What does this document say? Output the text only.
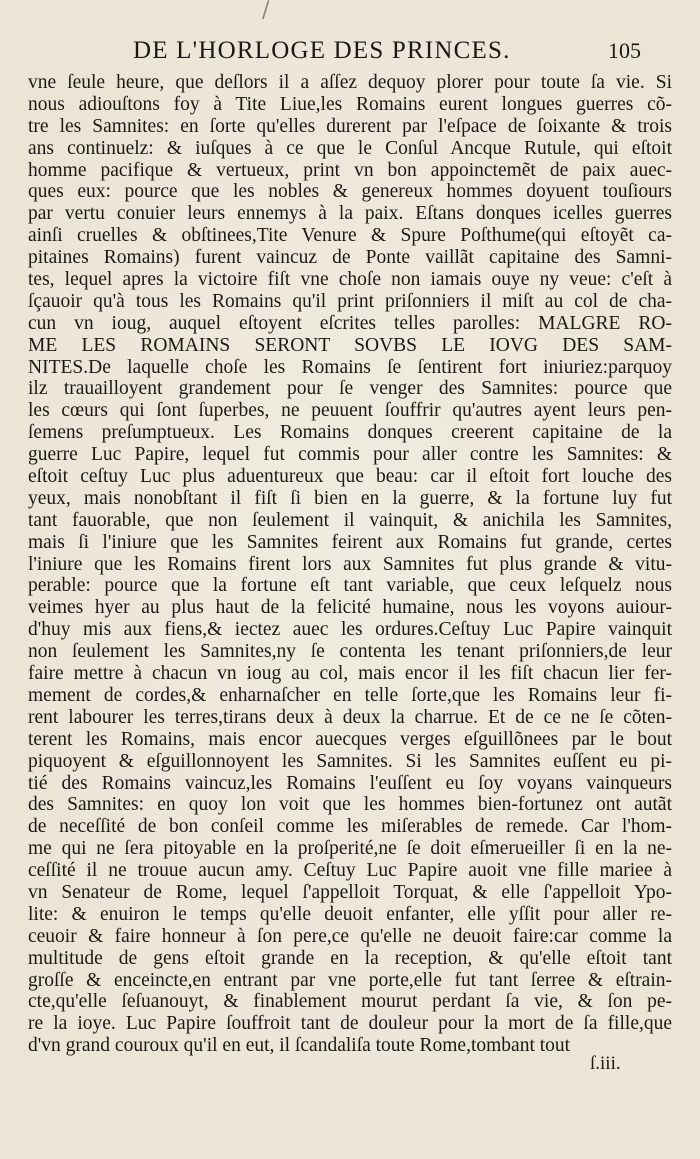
/
DE L'HORLOGE DES PRINCES.	105
vne ſeule heure, que deſlors il a aſſez dequoy plorer pour toute ſa vie. Si
nous adiouſtons foy à Tite Liue,les Romains eurent longues guerres cõ-
tre les Samnites: en ſorte qu'elles durerent par l'eſpace de ſoixante & trois
ans continuelz: & iuſques à ce que le Conſul Ancque Rutule, qui eſtoit
homme pacifique & vertueux, print vn bon appoinctemẽt de paix auec-
ques eux: pource que les nobles & genereux hommes doyuent touſiours
par vertu conuier leurs ennemys à la paix. Eſtans donques icelles guerres
ainſi cruelles & obſtinees,Tite Venure & Spure Poſthume(qui eſtoyẽt ca-
pitaines Romains) furent vaincuz de Ponte vaillãt capitaine des Samni-
tes, lequel apres la victoire fiſt vne choſe non iamais ouye ny veue: c'eſt à
ſçauoir qu'à tous les Romains qu'il print priſonniers il miſt au col de cha-
cun vn ioug, auquel eſtoyent eſcrites telles parolles: MALGRE RO-
ME LES ROMAINS SERONT SOVBS LE IOVG DES SAM-
NITES.De laquelle choſe les Romains ſe ſentirent fort iniuriez:parquoy
ilz trauailloyent grandement pour ſe venger des Samnites: pource que
les cœurs qui ſont ſuperbes, ne peuuent ſouffrir qu'autres ayent leurs pen-
ſemens preſumptueux. Les Romains donques creerent capitaine de la
guerre Luc Papire, lequel fut commis pour aller contre les Samnites: &
eſtoit ceſtuy Luc plus aduentureux que beau: car il eſtoit fort louche des
yeux, mais nonobſtant il fiſt ſi bien en la guerre, & la fortune luy fut
tant fauorable, que non ſeulement il vainquit, & anichila les Samnites,
mais ſi l'iniure que les Samnites feirent aux Romains fut grande, certes
l'iniure que les Romains firent lors aux Samnites fut plus grande & vitu-
perable: pource que la fortune eſt tant variable, que ceux leſquelz nous
veimes hyer au plus haut de la felicité humaine, nous les voyons auiour-
d'huy mis aux fiens,& iectez auec les ordures.Ceſtuy Luc Papire vainquit
non ſeulement les Samnites,ny ſe contenta les tenant priſonniers,de leur
faire mettre à chacun vn ioug au col, mais encor il les fiſt chacun lier fer-
mement de cordes,& enharnaſcher en telle ſorte,que les Romains leur fi-
rent labourer les terres,tirans deux à deux la charrue. Et de ce ne ſe cõten-
terent les Romains, mais encor auecques verges eſguillõnees par le bout
piquoyent & eſguillonnoyent les Samnites. Si les Samnites euſſent eu pi-
tié des Romains vaincuz,les Romains l'euſſent eu ſoy voyans vainqueurs
des Samnites: en quoy lon voit que les hommes bien-fortunez ont autãt
de neceſſité de bon conſeil comme les miſerables de remede. Car l'hom-
me qui ne ſera pitoyable en la proſperité,ne ſe doit eſmerueiller ſi en la ne-
ceſſité il ne trouue aucun amy. Ceſtuy Luc Papire auoit vne fille mariee à
vn Senateur de Rome, lequel ſ'appelloit Torquat, & elle ſ'appelloit Ypo-
lite: & enuiron le temps qu'elle deuoit enfanter, elle yſſit pour aller re-
ceuoir & faire honneur à ſon pere,ce qu'elle ne deuoit faire:car comme la
multitude de gens eſtoit grande en la reception, & qu'elle eſtoit tant
groſſe & enceincte,en entrant par vne porte,elle fut tant ſerree & eſtrain-
cte,qu'elle ſeſuanouyt, & finablement mourut perdant ſa vie, & ſon pe-
re la ioye. Luc Papire ſouffroit tant de douleur pour la mort de ſa fille,que
d'vn grand couroux qu'il en eut, il ſcandaliſa toute Rome,tombant tout
ſ.iii.
